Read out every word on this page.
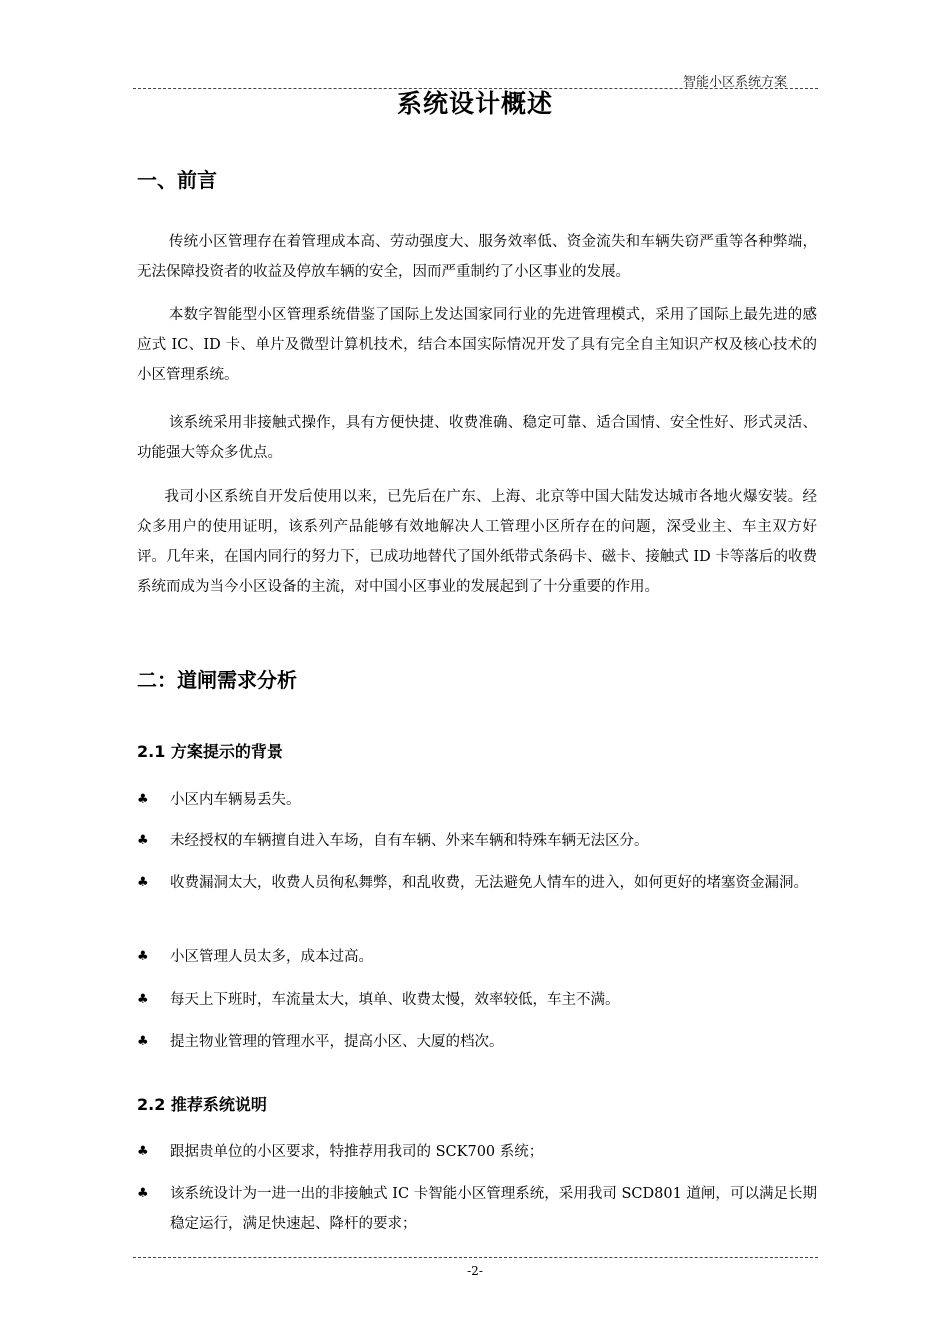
智能小区系统方案
系统设计概述
一、前言

传统小区管理存在着管理成本高、劳动强度大、服务效率低、资金流失和车辆失窃严重等各种弊端，无法保障投资者的收益及停放车辆的安全，因而严重制约了小区事业的发展。

本数字智能型小区管理系统借鉴了国际上发达国家同行业的先进管理模式，采用了国际上最先进的感应式 IC、ID 卡、单片及微型计算机技术，结合本国实际情况开发了具有完全自主知识产权及核心技术的小区管理系统。

该系统采用非接触式操作，具有方便快捷、收费准确、稳定可靠、适合国情、安全性好、形式灵活、功能强大等众多优点。

我司小区系统自开发后使用以来，已先后在广东、上海、北京等中国大陆发达城市各地火爆安装。经众多用户的使用证明，该系列产品能够有效地解决人工管理小区所存在的问题，深受业主、车主双方好评。几年来，在国内同行的努力下，已成功地替代了国外纸带式条码卡、磁卡、接触式 ID 卡等落后的收费系统而成为当今小区设备的主流，对中国小区事业的发展起到了十分重要的作用。

二：道闸需求分析
2.1 方案提示的背景
♣ 小区内车辆易丢失。
♣ 未经授权的车辆擅自进入车场，自有车辆、外来车辆和特殊车辆无法区分。
♣ 收费漏洞太大，收费人员徇私舞弊，和乱收费，无法避免人情车的进入，如何更好的堵塞资金漏洞。
♣ 小区管理人员太多，成本过高。
♣ 每天上下班时，车流量太大，填单、收费太慢，效率较低，车主不满。
♣ 提主物业管理的管理水平，提高小区、大厦的档次。
2.2 推荐系统说明
♣ 跟据贵单位的小区要求，特推荐用我司的 SCK700 系统；
♣ 该系统设计为一进一出的非接触式 IC 卡智能小区管理系统，采用我司 SCD801 道闸，可以满足长期稳定运行，满足快速起、降杆的要求；
-2-
